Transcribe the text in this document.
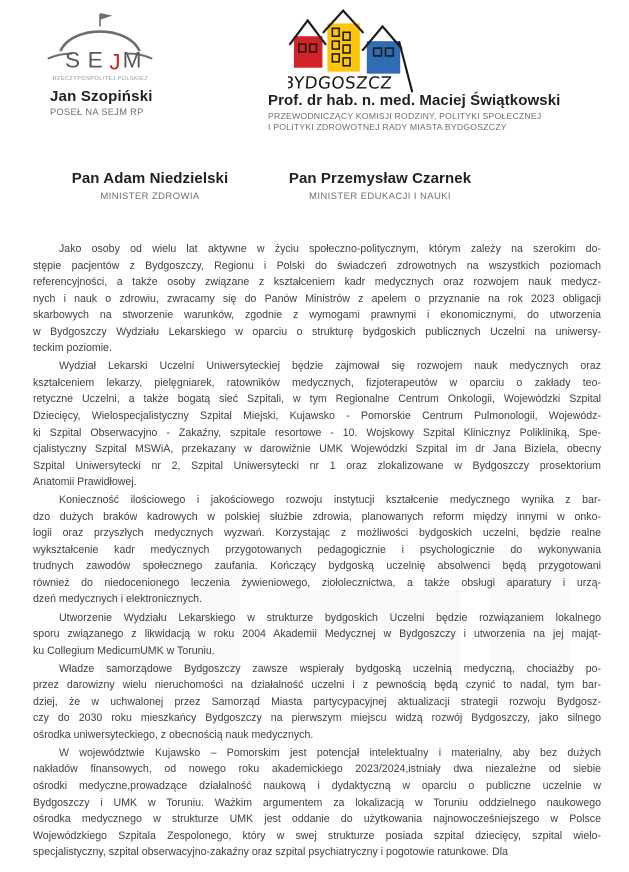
S E J M
RZECZYPOSPOLITEJ POLSKIEJ	BYDGOSZCZ
Jan Szopiński
POSEŁ NA SEJM RP
Prof. dr hab. n. med. Maciej Świątkowski
PRZEWODNICZĄCY KOMISJI RODZINY, POLITYKI SPOŁECZNEJ
I POLITYKI ZDROWOTNEJ RADY MIASTA BYDGOSZCZY
Pan Adam Niedzielski
MINISTER ZDROWIA
Pan Przemysław Czarnek
MINISTER EDUKACJI I NAUKI
Jako osoby od wielu lat aktywne w życiu społeczno-politycznym, którym zależy na szerokim do-
stępie pacjentów z Bydgoszczy, Regionu i Polski do świadczeń zdrowotnych na wszystkich poziomach
referencyjności, a także osoby związane z kształceniem kadr medycznych oraz rozwojem nauk medycz-
nych i nauk o zdrowiu, zwracamy się do Panów Ministrów z apelem o przyznanie na rok 2023 obligacji
skarbowych na stworzenie warunków, zgodnie z wymogami prawnymi i ekonomicznymi, do utworzenia
w Bydgoszczy Wydziału Lekarskiego w oparciu o strukturę bydgoskich publicznych Uczelni na uniwersy-
teckim poziomie.
Wydział Lekarski Uczelni Uniwersyteckiej będzie zajmował się rozwojem nauk medycznych oraz
kształceniem lekarzy, pielęgniarek, ratowników medycznych, fizjoterapeutów w oparciu o zakłady teo-
retyczne Uczelni, a także bogatą sieć Szpitali, w tym Regionalne Centrum Onkologii, Wojewódzki Szpital
Dziecięcy, Wielospecjalistyczny Szpital Miejski, Kujawsko - Pomorskie Centrum Pulmonologii, Wojewódz-
ki Szpital Obserwacyjno - Zakaźny, szpitale resortowe - 10. Wojskowy Szpital Klinicznyz Polikliniką, Spe-
cjalistyczny Szpital MSWiA, przekazany w darowiźnie UMK Wojewódzki Szpital im dr Jana Biziela, obecny
Szpital Uniwersytecki nr 2, Szpital Uniwersytecki nr 1 oraz zlokalizowane w Bydgoszczy prosektorium
Anatomii Prawidłowej.
Konieczność ilościowego i jakościowego rozwoju instytucji kształcenie medycznego wynika z bar-
dzo dużych braków kadrowych w polskiej służbie zdrowia, planowanych reform między innymi w onko-
logii oraz przyszłych medycznych wyzwań. Korzystając z możliwości bydgoskich uczelni, będzie realne
wykształcenie kadr medycznych przygotowanych pedagogicznie i psychologicznie do wykonywania
trudnych zawodów społecznego zaufania. Kończący bydgoską uczelnię absolwenci będą przygotowani
również do niedocenionego leczenia żywieniowego, ziołolecznictwa, a także obsługi aparatury i urzą-
dzeń medycznych i elektronicznych.
Utworzenie Wydziału Lekarskiego w strukturze bydgoskich Uczelni będzie rozwiązaniem lokalnego
sporu związanego z likwidacją w roku 2004 Akademii Medycznej w Bydgoszczy i utworzenia na jej mająt-
ku Collegium MedicumUMK w Toruniu.
Władze samorządowe Bydgoszczy zawsze wspierały bydgoską uczelnią medyczną, chociażby po-
przez darowizny wielu nieruchomości na działalność uczelni i z pewnością będą czynić to nadal, tym bar-
dziej, że w uchwalonej przez Samorząd Miasta partycypacyjnej aktualizacji strategii rozwoju Bydgosz-
czy do 2030 roku mieszkańcy Bydgoszczy na pierwszym miejscu widzą rozwój Bydgoszczy, jako silnego
ośrodka uniwersyteckiego, z obecnością nauk medycznych.
W województwie Kujawsko – Pomorskim jest potencjał intelektualny i materialny, aby bez dużych
nakładów finansowych, od nowego roku akademickiego 2023/2024,istniały dwa niezależne od siebie
ośrodki medyczne,prowadzące działalność naukową i dydaktyczną w oparciu o publiczne uczelnie w
Bydgoszczy i UMK w Toruniu. Ważkim argumentem za lokalizacją w Toruniu oddzielnego naukowego
ośrodka medycznego w strukturze UMK jest oddanie do użytkowania najnowocześniejszego w Polsce
Wojewódzkiego Szpitala Zespolonego, który w swej strukturze posiada szpital dziecięcy, szpital wielo-
specjalistyczny, szpital obserwacyjno-zakaźny oraz szpital psychiatryczny i pogotowie ratunkowe. Dla
